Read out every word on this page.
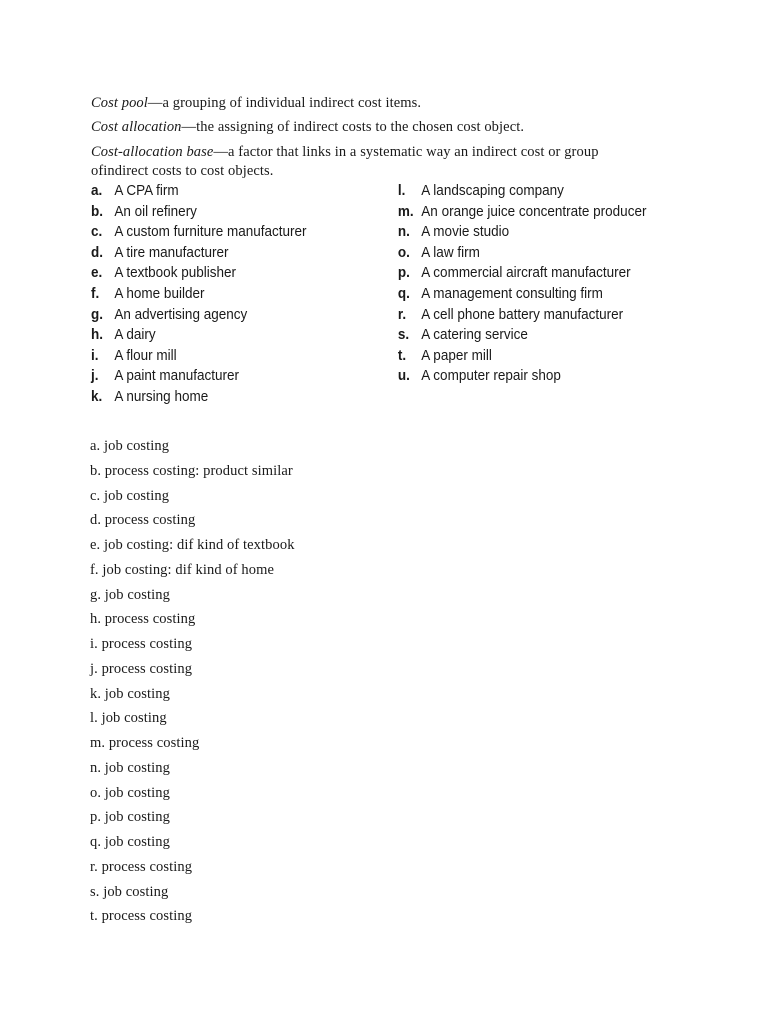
Cost pool—a grouping of individual indirect cost items.
Cost allocation—the assigning of indirect costs to the chosen cost object.
Cost-allocation base—a factor that links in a systematic way an indirect cost or group
ofindirect costs to cost objects.
a. A CPA firm
b. An oil refinery
c. A custom furniture manufacturer
d. A tire manufacturer
e. A textbook publisher
f. A home builder
g. An advertising agency
h. A dairy
i. A flour mill
j. A paint manufacturer
k. A nursing home
l. A landscaping company
m. An orange juice concentrate producer
n. A movie studio
o. A law firm
p. A commercial aircraft manufacturer
q. A management consulting firm
r. A cell phone battery manufacturer
s. A catering service
t. A paper mill
u. A computer repair shop
a. job costing
b. process costing: product similar
c. job costing
d. process costing
e. job costing: dif kind of textbook
f. job costing: dif kind of home
g. job costing
h. process costing
i. process costing
j. process costing
k. job costing
l. job costing
m. process costing
n. job costing
o. job costing
p. job costing
q. job costing
r. process costing
s. job costing
t. process costing
